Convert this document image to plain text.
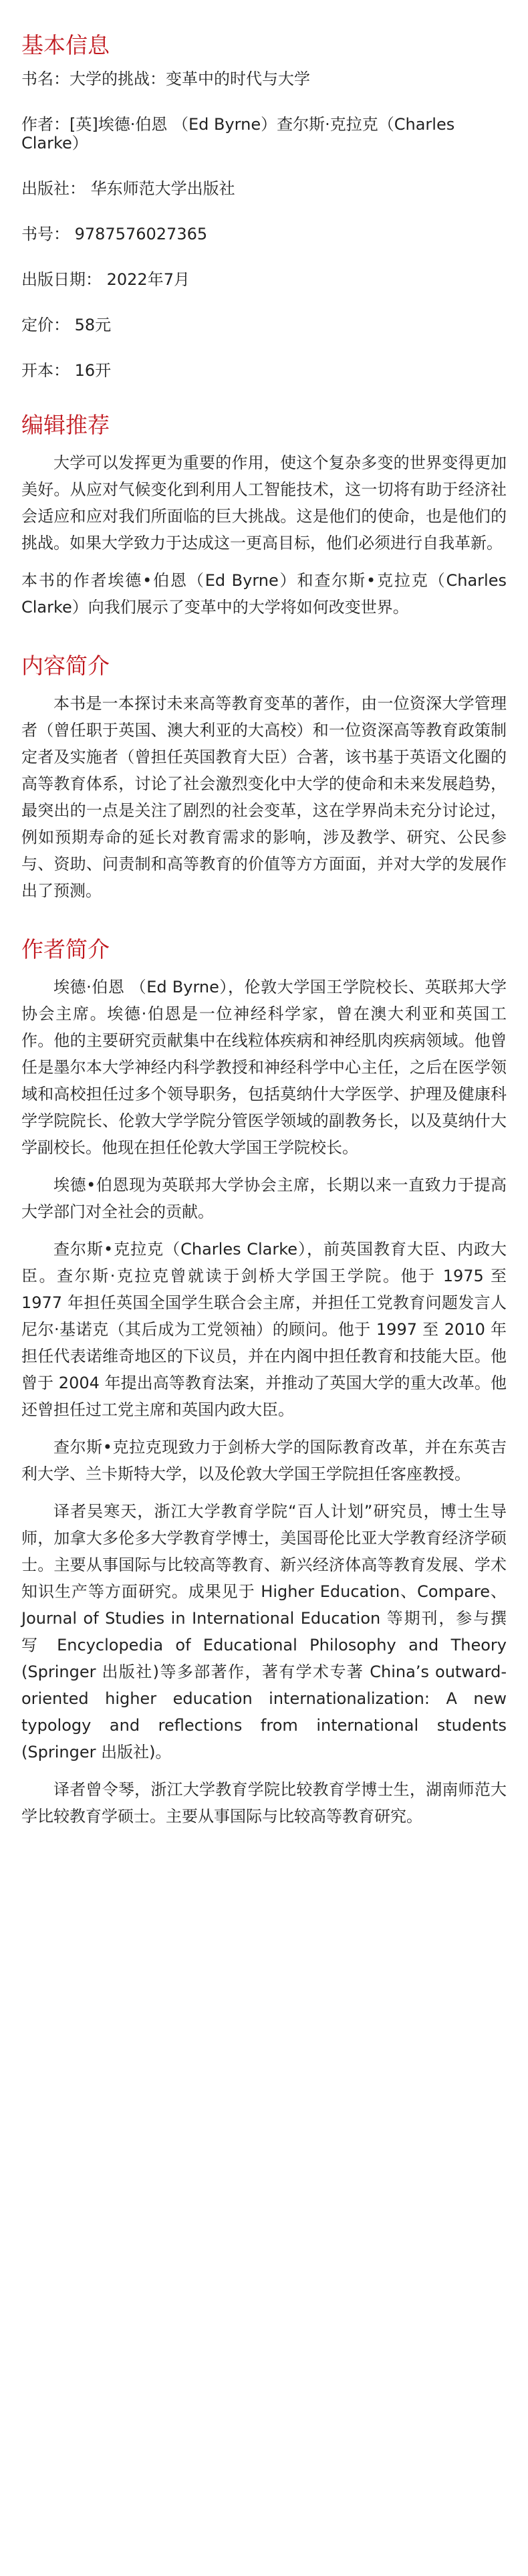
基本信息

书名：大学的挑战：变革中的时代与大学

作者：[英]埃德·伯恩 （Ed Byrne）查尔斯·克拉克（Charles Clarke）

出版社： 华东师范大学出版社

书号： 9787576027365

出版日期： 2022年7月

定价： 58元

开本： 16开

编辑推荐

大学可以发挥更为重要的作用，使这个复杂多变的世界变得更加美好。从应对气候变化到利用人工智能技术，这一切将有助于经济社会适应和应对我们所面临的巨大挑战。这是他们的使命，也是他们的挑战。如果大学致力于达成这一更高目标，他们必须进行自我革新。

本书的作者埃德•伯恩（Ed Byrne）和查尔斯•克拉克（Charles Clarke）向我们展示了变革中的大学将如何改变世界。

内容简介

本书是一本探讨未来高等教育变革的著作，由一位资深大学管理者（曾任职于英国、澳大利亚的大高校）和一位资深高等教育政策制定者及实施者（曾担任英国教育大臣）合著，该书基于英语文化圈的高等教育体系，讨论了社会激烈变化中大学的使命和未来发展趋势，最突出的一点是关注了剧烈的社会变革，这在学界尚未充分讨论过，例如预期寿命的延长对教育需求的影响，涉及教学、研究、公民参与、资助、问责制和高等教育的价值等方方面面，并对大学的发展作出了预测。

作者简介

埃德·伯恩 （Ed Byrne），伦敦大学国王学院校长、英联邦大学协会主席。埃德·伯恩是一位神经科学家，曾在澳大利亚和英国工作。他的主要研究贡献集中在线粒体疾病和神经肌肉疾病领域。他曾任是墨尔本大学神经内科学教授和神经科学中心主任，之后在医学领域和高校担任过多个领导职务，包括莫纳什大学医学、护理及健康科学学院院长、伦敦大学学院分管医学领域的副教务长，以及莫纳什大学副校长。他现在担任伦敦大学国王学院校长。

埃德•伯恩现为英联邦大学协会主席，长期以来一直致力于提高大学部门对全社会的贡献。

查尔斯•克拉克（Charles Clarke），前英国教育大臣、内政大臣。查尔斯·克拉克曾就读于剑桥大学国王学院。他于 1975 至 1977 年担任英国全国学生联合会主席，并担任工党教育问题发言人尼尔·基诺克（其后成为工党领袖）的顾问。他于 1997 至 2010 年担任代表诺维奇地区的下议员，并在内阁中担任教育和技能大臣。他曾于 2004 年提出高等教育法案，并推动了英国大学的重大改革。他还曾担任过工党主席和英国内政大臣。

查尔斯•克拉克现致力于剑桥大学的国际教育改革，并在东英吉利大学、兰卡斯特大学，以及伦敦大学国王学院担任客座教授。

译者吴寒天，浙江大学教育学院“百人计划”研究员，博士生导师，加拿大多伦多大学教育学博士，美国哥伦比亚大学教育经济学硕士。主要从事国际与比较高等教育、新兴经济体高等教育发展、学术知识生产等方面研究。成果见于 Higher Education、Compare、Journal of Studies in International Education 等期刊，参与撰写 Encyclopedia of Educational Philosophy and Theory (Springer 出版社)等多部著作，著有学术专著 China’s outward-oriented higher education internationalization: A new typology and reflections from international students (Springer 出版社)。

译者曾令琴，浙江大学教育学院比较教育学博士生，湖南师范大学比较教育学硕士。主要从事国际与比较高等教育研究。
